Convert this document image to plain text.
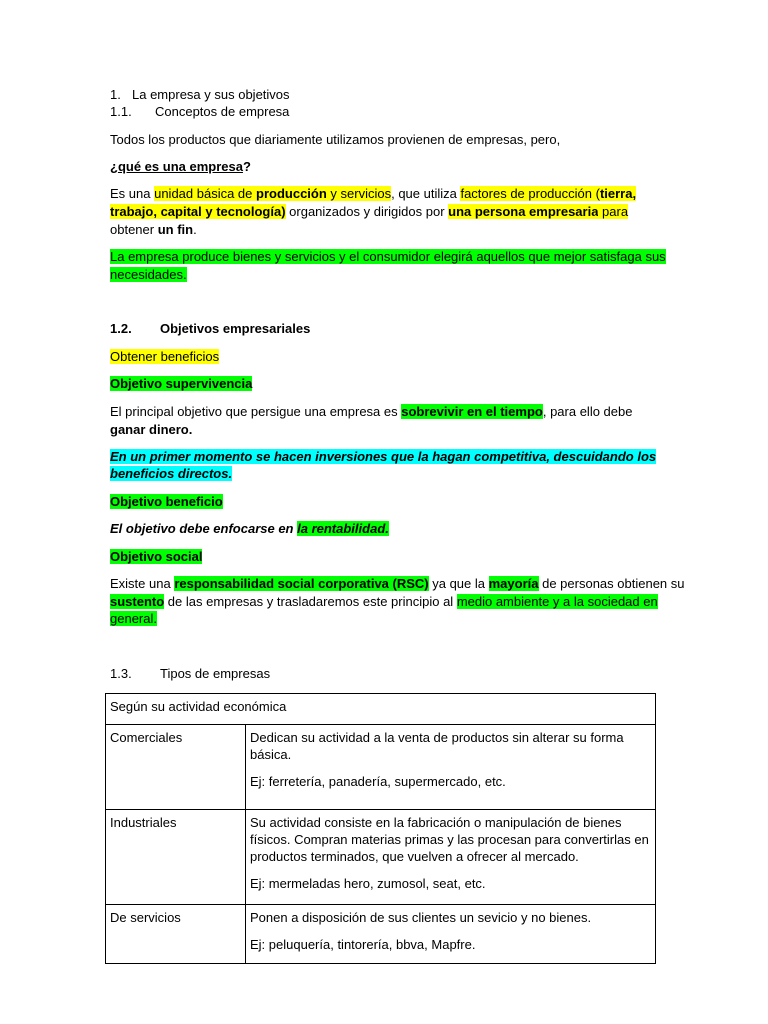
1. La empresa y sus objetivos
1.1. Conceptos de empresa
Todos los productos que diariamente utilizamos provienen de empresas, pero,
¿qué es una empresa?
Es una unidad básica de producción y servicios, que utiliza factores de producción (tierra,
trabajo, capital y tecnología) organizados y dirigidos por una persona empresaria para
obtener un fin.
La empresa produce bienes y servicios y el consumidor elegirá aquellos que mejor satisfaga sus
necesidades.
1.2. Objetivos empresariales
Obtener beneficios
Objetivo supervivencia
El principal objetivo que persigue una empresa es sobrevivir en el tiempo, para ello debe
ganar dinero.
En un primer momento se hacen inversiones que la hagan competitiva, descuidando los
beneficios directos.
Objetivo beneficio
El objetivo debe enfocarse en la rentabilidad.
Objetivo social
Existe una responsabilidad social corporativa (RSC) ya que la mayoría de personas obtienen su
sustento de las empresas y trasladaremos este principio al medio ambiente y a la sociedad en
general.
1.3. Tipos de empresas
Según su actividad económica	
Comerciales	Dedican su actividad a la venta de productos sin alterar su forma básica.

Ej: ferretería, panadería, supermercado, etc.

Industriales	Su actividad consiste en la fabricación o manipulación de bienes físicos. Compran materias primas y las procesan para convertirlas en productos terminados, que vuelven a ofrecer al mercado.

Ej: mermeladas hero, zumosol, seat, etc.

De servicios	Ponen a disposición de sus clientes un sevicio y no bienes.

Ej: peluquería, tintorería, bbva, Mapfre.
